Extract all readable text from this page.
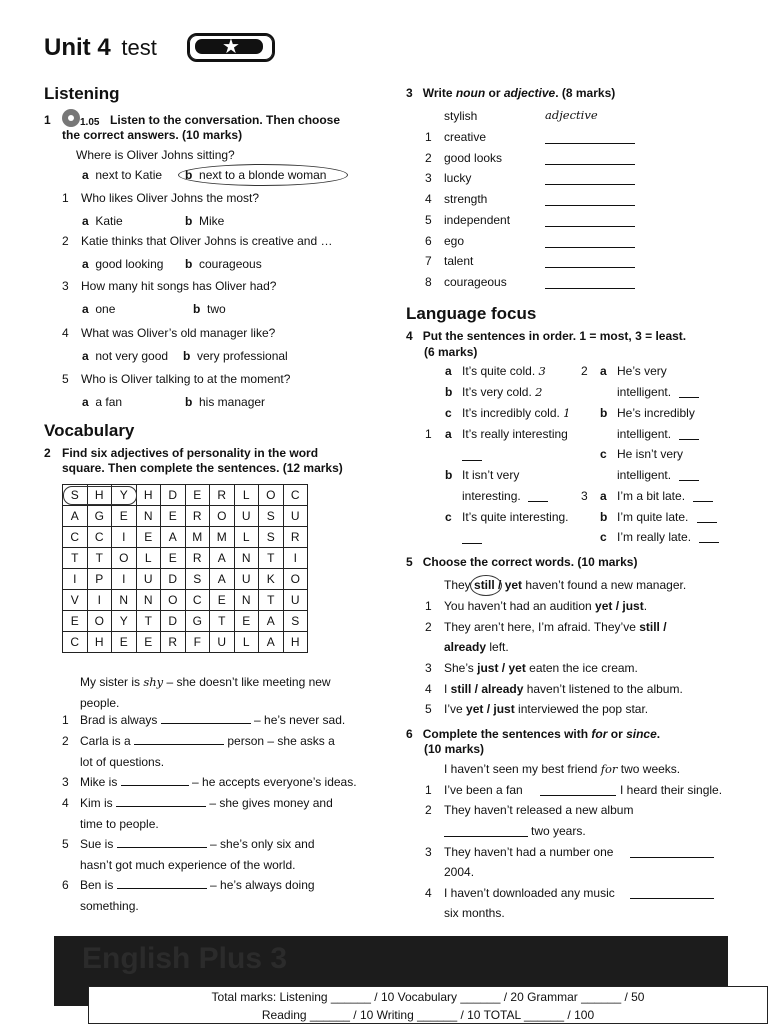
Unit 4 test	★
Listening
1	1.05 Listen to the conversation. Then choose
the correct answers. (10 marks)
Where is Oliver Johns sitting?
a next to Katie b next to a blonde woman
1 Who likes Oliver Johns the most?
a  Katie	b  Mike
2 Katie thinks that Oliver Johns is creative and …
a  good looking b  courageous
3 How many hit songs has Oliver had?
a  one	b  two
4 What was Oliver’s old manager like?
a  not very good b  very professional
5 Who is Oliver talking to at the moment?
a  a fan	b  his manager
Vocabulary
2 Find six adjectives of personality in the word
square. Then complete the sentences. (12 marks)
S	H	Y	H	D	E	R	L	O	C
A	G	E	N	E	R	O	U	S	U
C	C	I	E	A	M	M	L	S	R
T	T	O	L	E	R	A	N	T	I
I	P	I	U	D	S	A	U	K	O
V	I	N	N	O	C	E	N	T	U
E	O	Y	T	D	G	T	E	A	S
C	H	E	E	R	F	U	L	A	H
My sister is shy – she doesn’t like meeting new
people.
1 Brad is always	– he’s never sad.
2 Carla is a	person – she asks a
lot of questions.
3 Mike is	– he accepts everyone’s ideas.
4 Kim is	– she gives money and
time to people.
5 Sue is	– she’s only six and
hasn’t got much experience of the world.
6 Ben is	– he’s always doing
something.
3 Write noun or adjective. (8 marks)
stylish	adjective
1 creative
2 good looks
3 lucky
4 strength
5 independent
6 ego
7 talent
8 courageous
Language focus
4 Put the sentences in order. 1 = most, 3 = least.
(6 marks)
a It’s quite cold. 3
b It’s very cold. 2
c It’s incredibly cold. 1
1 a It’s really interesting
b It isn’t very
interesting.
c It’s quite interesting.
2 a He’s very
intelligent.
b He’s incredibly
intelligent.
c He isn’t very
intelligent.
3 a I’m a bit late.
b I’m quite late.
c I’m really late.
5 Choose the correct words. (10 marks)
They still / yet haven’t found a new manager.
1 You haven’t had an audition yet / just.
2 They aren’t here, I’m afraid. They’ve still /
3 She’s just / yet eaten the ice cream.
4 I still / already haven’t listened to the album.
5 I’ve yet / just interviewed the pop star.
already left.
6 Complete the sentences with for or since.
(10 marks)
I haven’t seen my best friend for two weeks.
1 I’ve been a fan	I heard their single.
2 They haven’t released a new album
two years.
3 They haven’t had a number one
2004.
4 I haven’t downloaded any music
six months.
English Plus 3
Total marks: Listening ______ / 10 Vocabulary ______ / 20 Grammar ______ / 50
Reading ______ / 10 Writing ______ / 10 TOTAL ______ / 100
